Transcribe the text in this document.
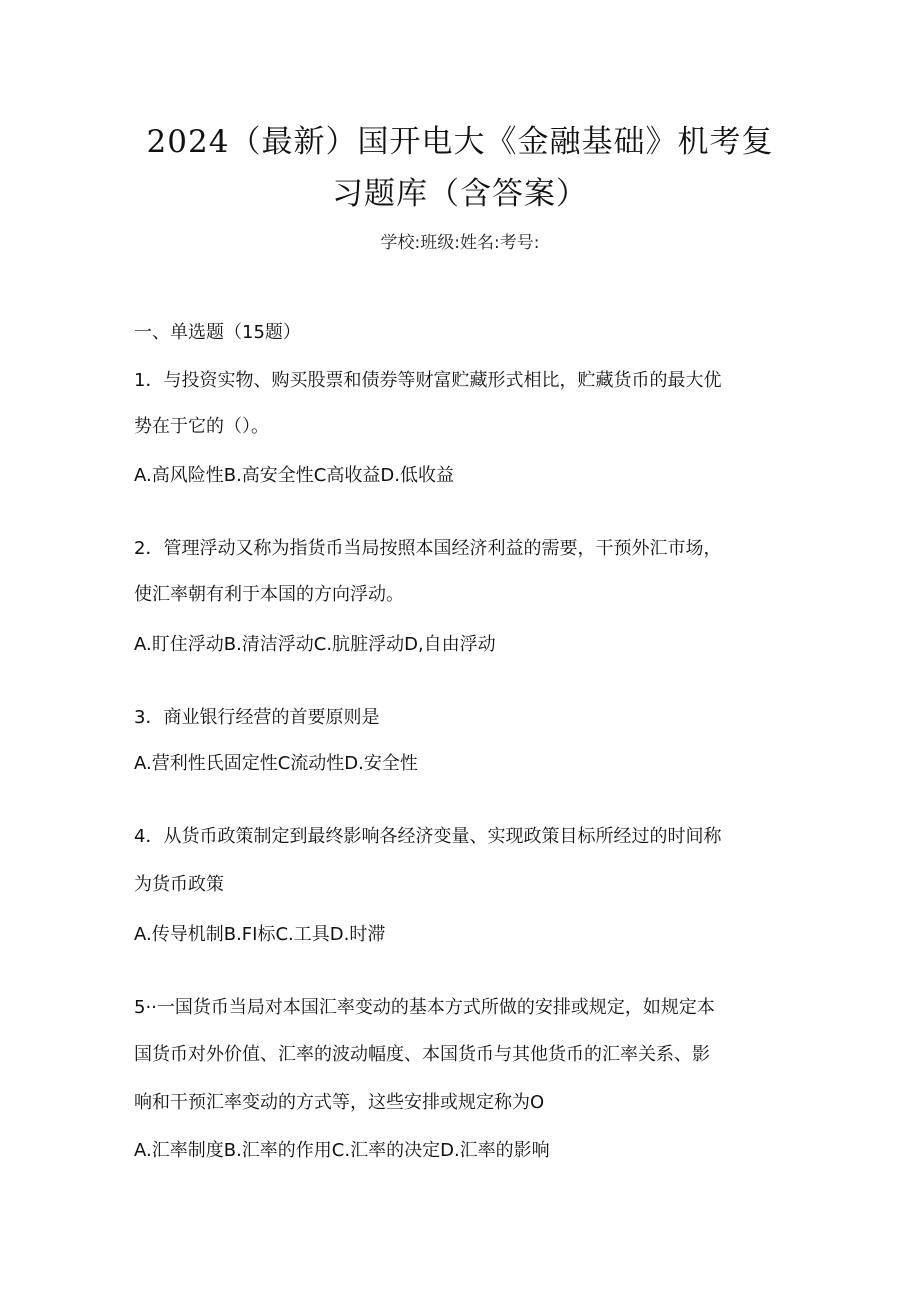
2024（最新）国开电大《金融基础》机考复
习题库（含答案）
学校:班级:姓名:考号:
一、单选题（15题）
1．与投资实物、购买股票和债券等财富贮藏形式相比，贮藏货币的最大优
势在于它的（）。
A.高风险性B.高安全性C高收益D.低收益
2．管理浮动又称为指货币当局按照本国经济利益的需要，干预外汇市场，
使汇率朝有利于本国的方向浮动。
A.盯住浮动B.清洁浮动C.肮脏浮动D,自由浮动
3．商业银行经营的首要原则是
A.营利性氏固定性C流动性D.安全性
4．从货币政策制定到最终影响各经济变量、实现政策目标所经过的时间称
为货币政策
A.传导机制B.FI标C.工具D.时滞
5··一国货币当局对本国汇率变动的基本方式所做的安排或规定，如规定本
国货币对外价值、汇率的波动幅度、本国货币与其他货币的汇率关系、影
响和干预汇率变动的方式等，这些安排或规定称为O
A.汇率制度B.汇率的作用C.汇率的决定D.汇率的影响
